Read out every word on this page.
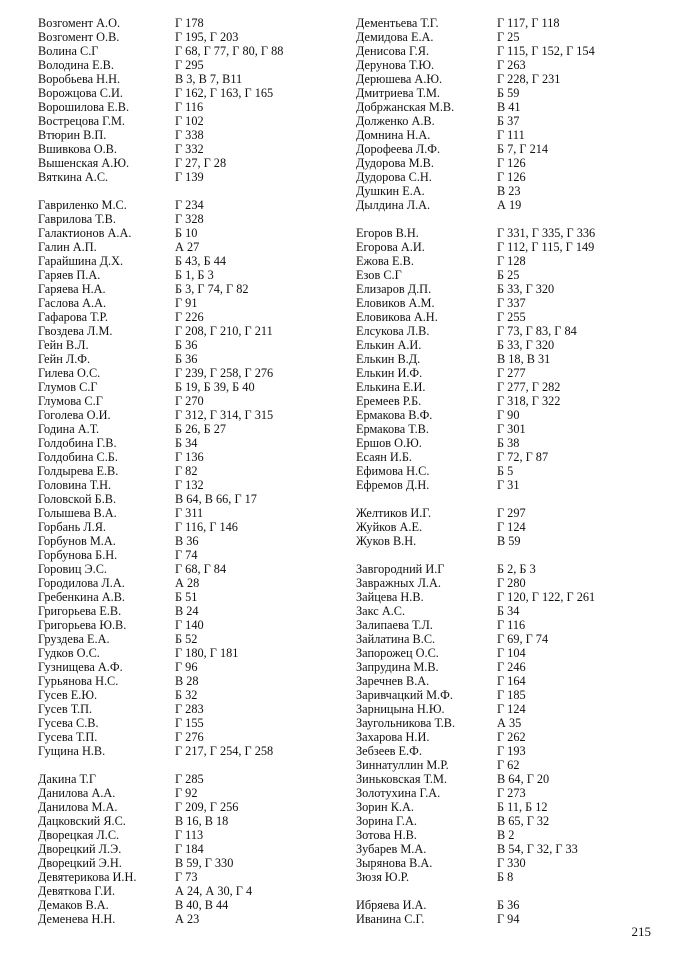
Возгомент А.О.	Г 178
Возгомент О.В.	Г 195, Г 203
Волина С.Г	Г 68, Г 77, Г 80, Г 88
Володина Е.В.	Г 295
Воробьева Н.Н.	В 3, В 7, В11
Ворожцова С.И.	Г 162, Г 163, Г 165
Ворошилова Е.В.	Г 116
Вострецова Г.М.	Г 102
Втюрин В.П.	Г 338
Вшивкова О.В.	Г 332
Вышенская А.Ю.	Г 27, Г 28
Вяткина А.С.	Г 139
Гавриленко М.С.	Г 234
Гаврилова Т.В.	Г 328
Галактионов А.А.	Б 10
Галин А.П.	А 27
Гарайшина Д.Х.	Б 43, Б 44
Гаряев П.А.	Б 1, Б 3
Гаряева Н.А.	Б 3, Г 74, Г 82
Гаслова А.А.	Г 91
Гафарова Т.Р.	Г 226
Гвоздева Л.М.	Г 208, Г 210, Г 211
Гейн В.Л.	Б 36
Гейн Л.Ф.	Б 36
Гилева О.С.	Г 239, Г 258, Г 276
Глумов С.Г	Б 19, Б 39, Б 40
Глумова С.Г	Г 270
Гоголева О.И.	Г 312, Г 314, Г 315
Година А.Т.	Б 26, Б 27
Голдобина Г.В.	Б 34
Голдобина С.Б.	Г 136
Голдырева Е.В.	Г 82
Головина Т.Н.	Г 132
Головской Б.В.	В 64, В 66, Г 17
Голышева В.А.	Г 311
Горбань Л.Я.	Г 116, Г 146
Горбунов М.А.	В 36
Горбунова Б.Н.	Г 74
Горовиц Э.С.	Г 68, Г 84
Городилова Л.А.	А 28
Гребенкина А.В.	Б 51
Григорьева Е.В.	В 24
Григорьева Ю.В.	Г 140
Груздева Е.А.	Б 52
Гудков О.С.	Г 180, Г 181
Гузнищева А.Ф.	Г 96
Гурьянова Н.С.	В 28
Гусев Е.Ю.	Б 32
Гусев Т.П.	Г 283
Гусева С.В.	Г 155
Гусева Т.П.	Г 276
Гущина Н.В.	Г 217, Г 254, Г 258
Дакина Т.Г	Г 285
Данилова А.А.	Г 92
Данилова М.А.	Г 209, Г 256
Дацковский Я.С.	В 16, В 18
Дворецкая Л.С.	Г 113
Дворецкий Л.Э.	Г 184
Дворецкий Э.Н.	В 59, Г 330
Девятерикова И.Н.	Г 73
Девяткова Г.И.	А 24, А 30, Г 4
Демаков В.А.	В 40, В 44
Деменева Н.Н.	А 23
Дементьева Т.Г.	Г 117, Г 118
Демидова Е.А.	Г 25
Денисова Г.Я.	Г 115, Г 152, Г 154
Дерунова Т.Ю.	Г 263
Дерюшева А.Ю.	Г 228, Г 231
Дмитриева Т.М.	Б 59
Добржанская М.В.	В 41
Долженко А.В.	Б 37
Домнина Н.А.	Г 111
Дорофеева Л.Ф.	Б 7, Г 214
Дудорова М.В.	Г 126
Дудорова С.Н.	Г 126
Душкин Е.А.	В 23
Дылдина Л.А.	А 19
Егоров В.Н.	Г 331, Г 335, Г 336
Егорова А.И.	Г 112, Г 115, Г 149
Ежова Е.В.	Г 128
Езов С.Г	Б 25
Елизаров Д.П.	Б 33, Г 320
Еловиков А.М.	Г 337
Еловикова А.Н.	Г 255
Елсукова Л.В.	Г 73, Г 83, Г 84
Елькин А.И.	Б 33, Г 320
Елькин В.Д.	В 18, В 31
Елькин И.Ф.	Г 277
Елькина Е.И.	Г 277, Г 282
Еремеев Р.Б.	Г 318, Г 322
Ермакова В.Ф.	Г 90
Ермакова Т.В.	Г 301
Ершов О.Ю.	Б 38
Есаян И.Б.	Г 72, Г 87
Ефимова Н.С.	Б 5
Ефремов Д.Н.	Г 31
Желтиков И.Г.	Г 297
Жуйков А.Е.	Г 124
Жуков В.Н.	В 59
Завгородний И.Г	Б 2, Б 3
Завражных Л.А.	Г 280
Зайцева Н.В.	Г 120, Г 122, Г 261
Закс А.С.	Б 34
Залипаева Т.Л.	Г 116
Зайлатина В.С.	Г 69, Г 74
Запорожец О.С.	Г 104
Запрудина М.В.	Г 246
Заречнев В.А.	Г 164
Заривчацкий М.Ф.	Г 185
Зарницына Н.Ю.	Г 124
Заугольникова Т.В.	А 35
Захарова Н.И.	Г 262
Зебзеев Е.Ф.	Г 193
Зиннатуллин М.Р.	Г 62
Зиньковская Т.М.	В 64, Г 20
Золотухина Г.А.	Г 273
Зорин К.А.	Б 11, Б 12
Зорина Г.А.	В 65, Г 32
Зотова Н.В.	В 2
Зубарев М.А.	В 54, Г 32, Г 33
Зырянова В.А.	Г 330
Зюзя Ю.Р.	Б 8
Ибряева И.А.	Б 36
Иванина С.Г.	Г 94
215
